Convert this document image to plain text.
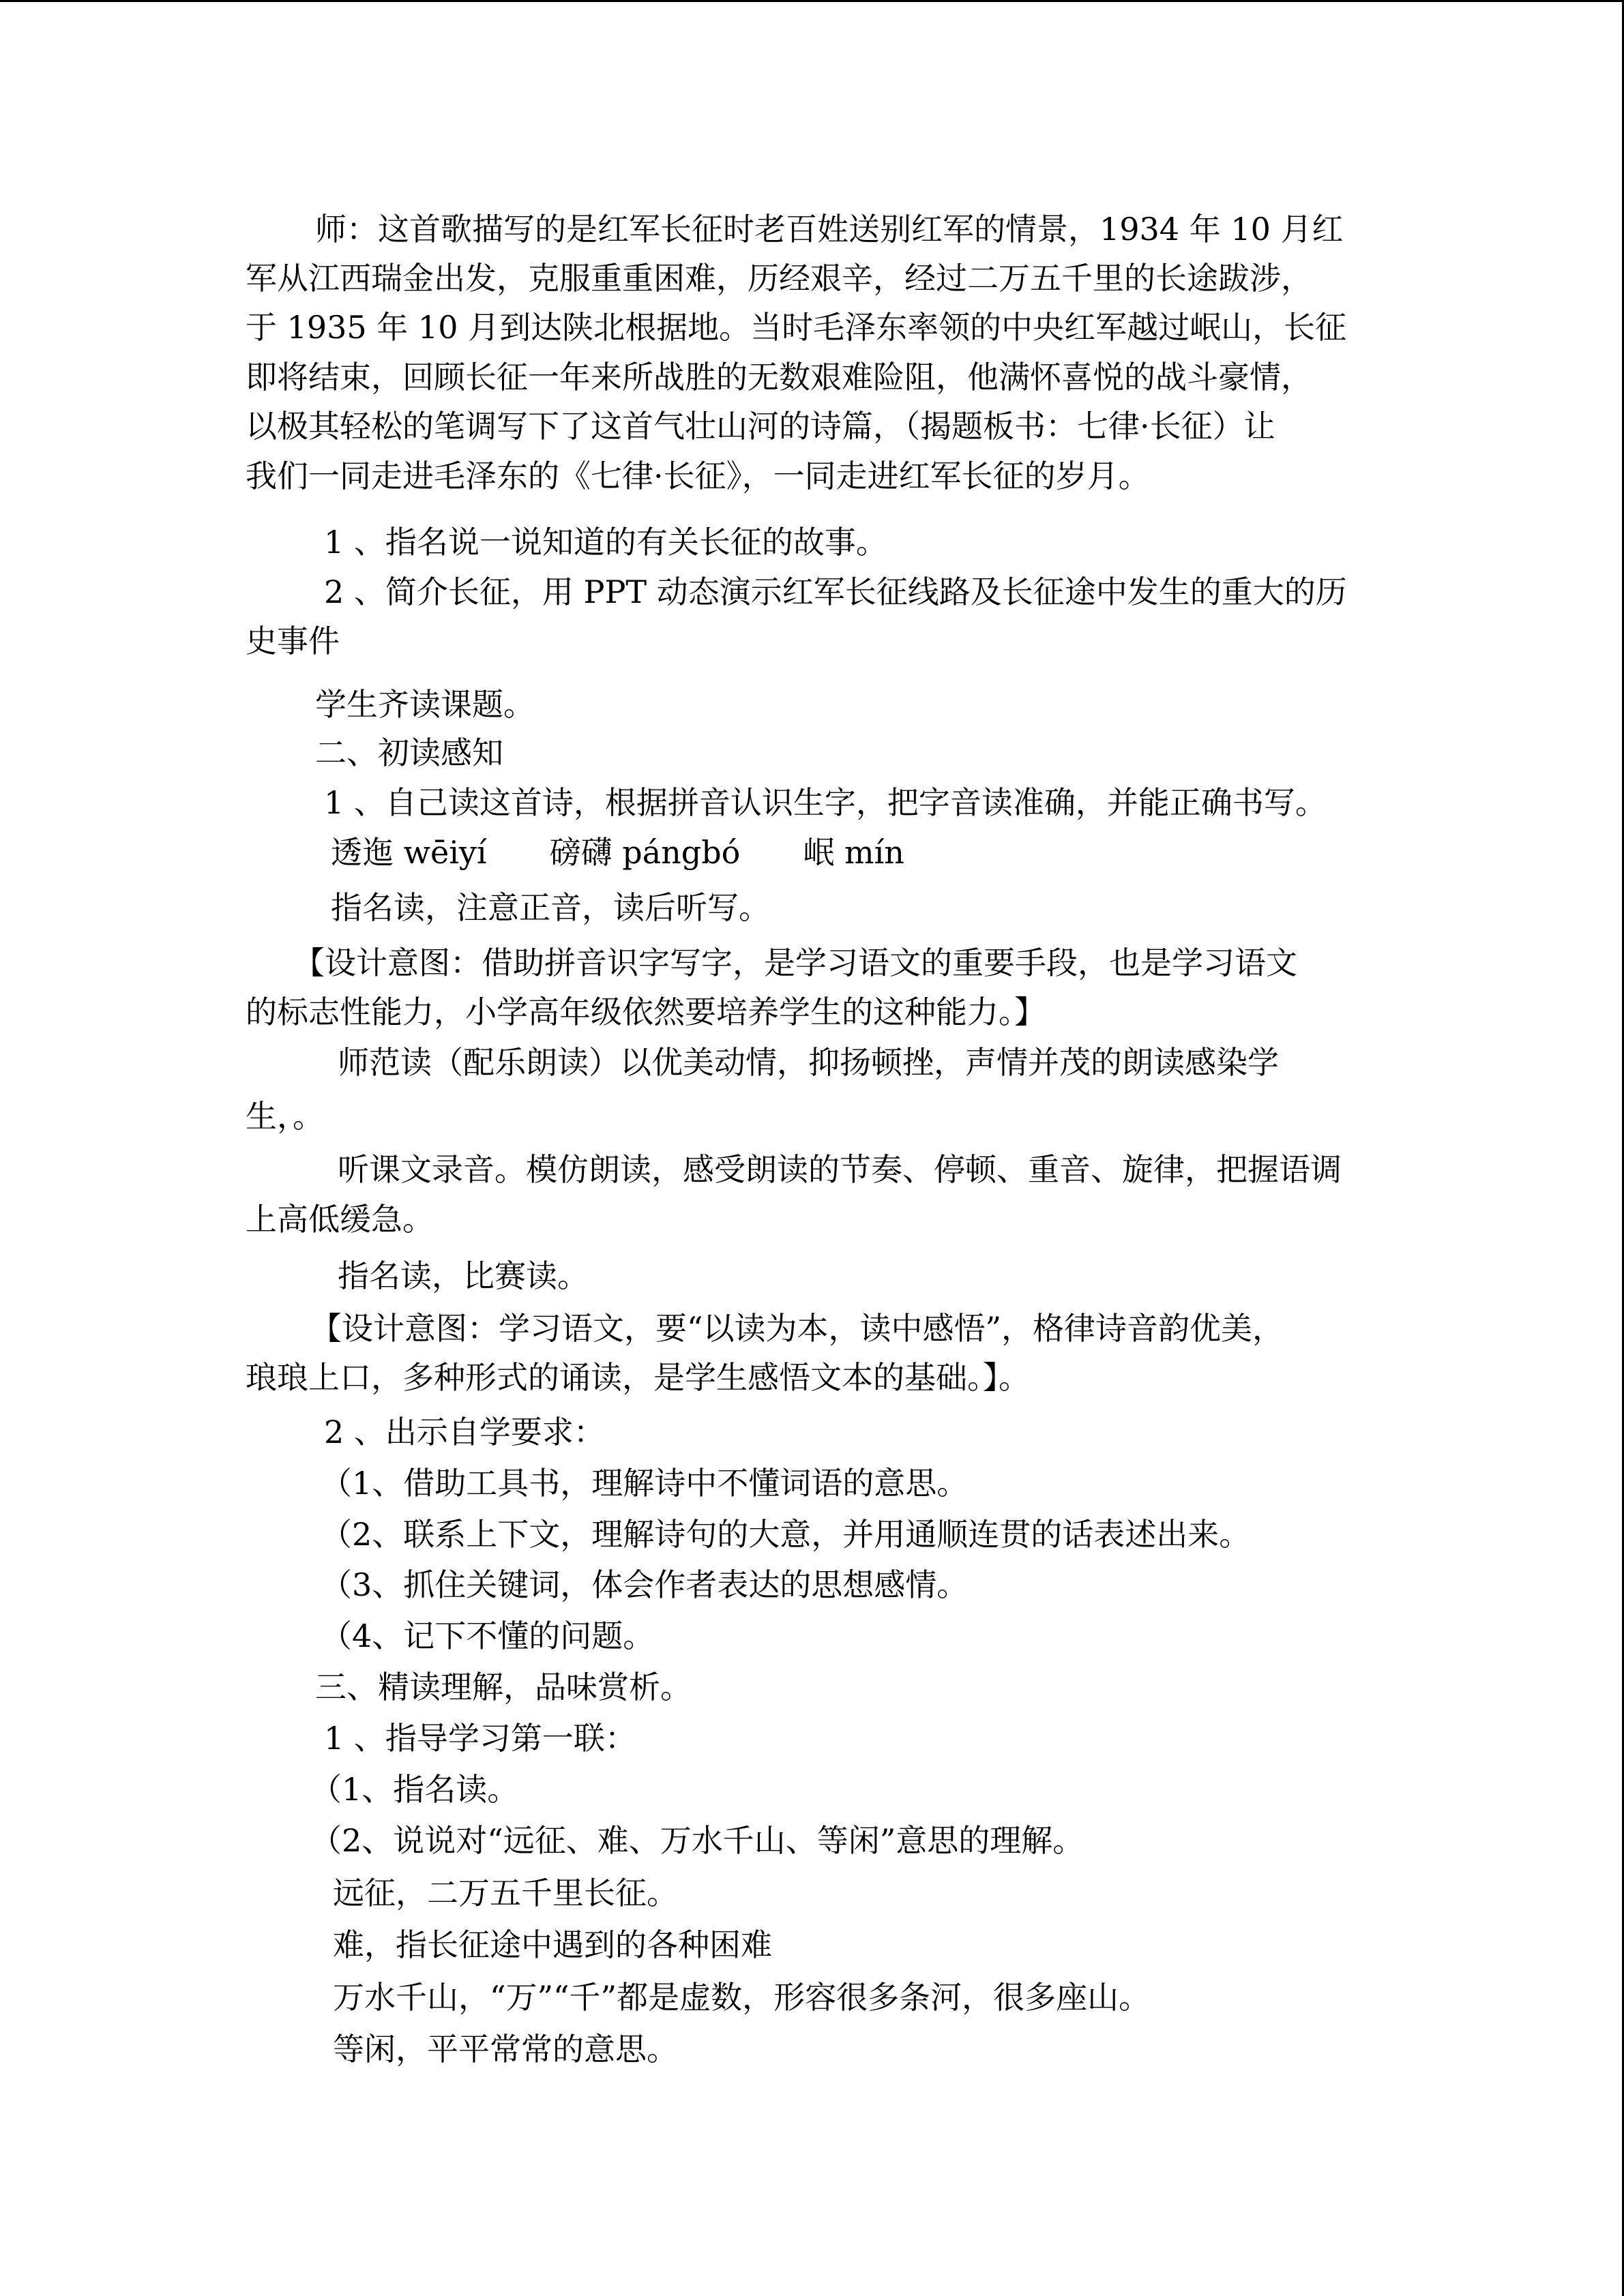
师：这首歌描写的是红军长征时老百姓送别红军的情景，1934 年 10 月红

军从江西瑞金出发，克服重重困难，历经艰辛，经过二万五千里的长途跋涉，

于 1935 年 10 月到达陕北根据地。当时毛泽东率领的中央红军越过岷山，长征

即将结束，回顾长征一年来所战胜的无数艰难险阻，他满怀喜悦的战斗豪情，

以极其轻松的笔调写下了这首气壮山河的诗篇，（揭题板书：七律·长征）让

我们一同走进毛泽东的《七律·长征》，一同走进红军长征的岁月。

1 、指名说一说知道的有关长征的故事。

2 、简介长征，用 PPT 动态演示红军长征线路及长征途中发生的重大的历

史事件

学生齐读课题。

二、初读感知

1 、自己读这首诗，根据拼音认识生字，把字音读准确，并能正确书写。

透迤 wēiyí　　磅礴 pángbó　　岷 mín

指名读，注意正音，读后听写。

【设计意图：借助拼音识字写字，是学习语文的重要手段，也是学习语文

的标志性能力，小学高年级依然要培养学生的这种能力。】

师范读（配乐朗读）以优美动情，抑扬顿挫，声情并茂的朗读感染学

生，。

听课文录音。模仿朗读，感受朗读的节奏、停顿、重音、旋律，把握语调

上高低缓急。

指名读，比赛读。

【设计意图：学习语文，要“以读为本，读中感悟”，格律诗音韵优美，

琅琅上口，多种形式的诵读，是学生感悟文本的基础。】。

2 、出示自学要求：

（1、借助工具书，理解诗中不懂词语的意思。

（2、联系上下文，理解诗句的大意，并用通顺连贯的话表述出来。

（3、抓住关键词，体会作者表达的思想感情。

（4、记下不懂的问题。

三、精读理解，品味赏析。

1 、指导学习第一联：

（1、指名读。

（2、说说对“远征、难、万水千山、等闲”意思的理解。

远征，二万五千里长征。

难，指长征途中遇到的各种困难

万水千山，“万”“千”都是虚数，形容很多条河，很多座山。

等闲，平平常常的意思。
